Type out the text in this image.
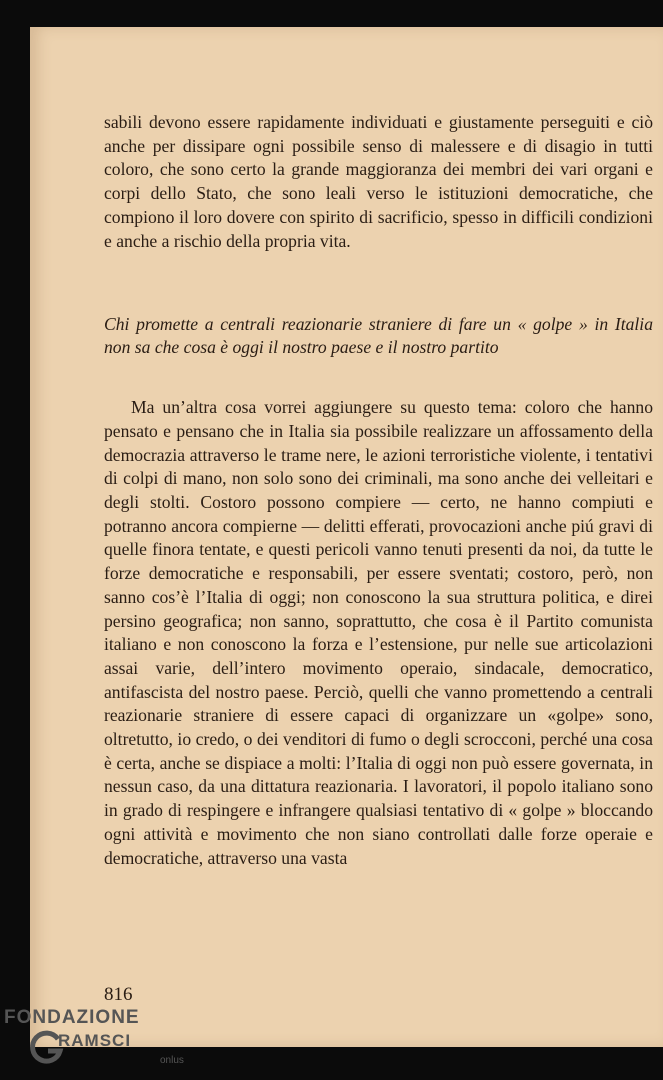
sabili devono essere rapidamente individuati e giustamente perseguiti e ciò anche per dissipare ogni possibile senso di malessere e di disagio in tutti coloro, che sono certo la grande maggioranza dei membri dei vari organi e corpi dello Stato, che sono leali verso le istituzioni democratiche, che compiono il loro dovere con spirito di sacrificio, spesso in difficili condizioni e anche a rischio della propria vita.

Chi promette a centrali reazionarie straniere di fare un « golpe » in Italia non sa che cosa è oggi il nostro paese e il nostro partito

Ma un’altra cosa vorrei aggiungere su questo tema: coloro che hanno pensato e pensano che in Italia sia possibile realizzare un affossamento della democrazia attraverso le trame nere, le azioni terroristiche violente, i tentativi di colpi di mano, non solo sono dei criminali, ma sono anche dei velleitari e degli stolti. Costoro possono compiere — certo, ne hanno compiuti e potranno ancora compierne — delitti efferati, provocazioni anche piú gravi di quelle finora tentate, e questi pericoli vanno tenuti presenti da noi, da tutte le forze democratiche e responsabili, per essere sventati; costoro, però, non sanno cos’è l’Italia di oggi; non conoscono la sua struttura politica, e direi persino geografica; non sanno, soprattutto, che cosa è il Partito comunista italiano e non conoscono la forza e l’estensione, pur nelle sue articolazioni assai varie, dell’intero movimento operaio, sindacale, democratico, antifascista del nostro paese. Perciò, quelli che vanno promettendo a centrali reazionarie straniere di essere capaci di organizzare un «golpe» sono, oltretutto, io credo, o dei venditori di fumo o degli scrocconi, perché una cosa è certa, anche se dispiace a molti: l’Italia di oggi non può essere governata, in nessun caso, da una dittatura reazionaria. I lavoratori, il popolo italiano sono in grado di respingere e infrangere qualsiasi tentativo di « golpe » bloccando ogni attività e movimento che non siano controllati dalle forze operaie e democratiche, attraverso una vasta

816
FONDAZIONE
RAMSCI
onlus
